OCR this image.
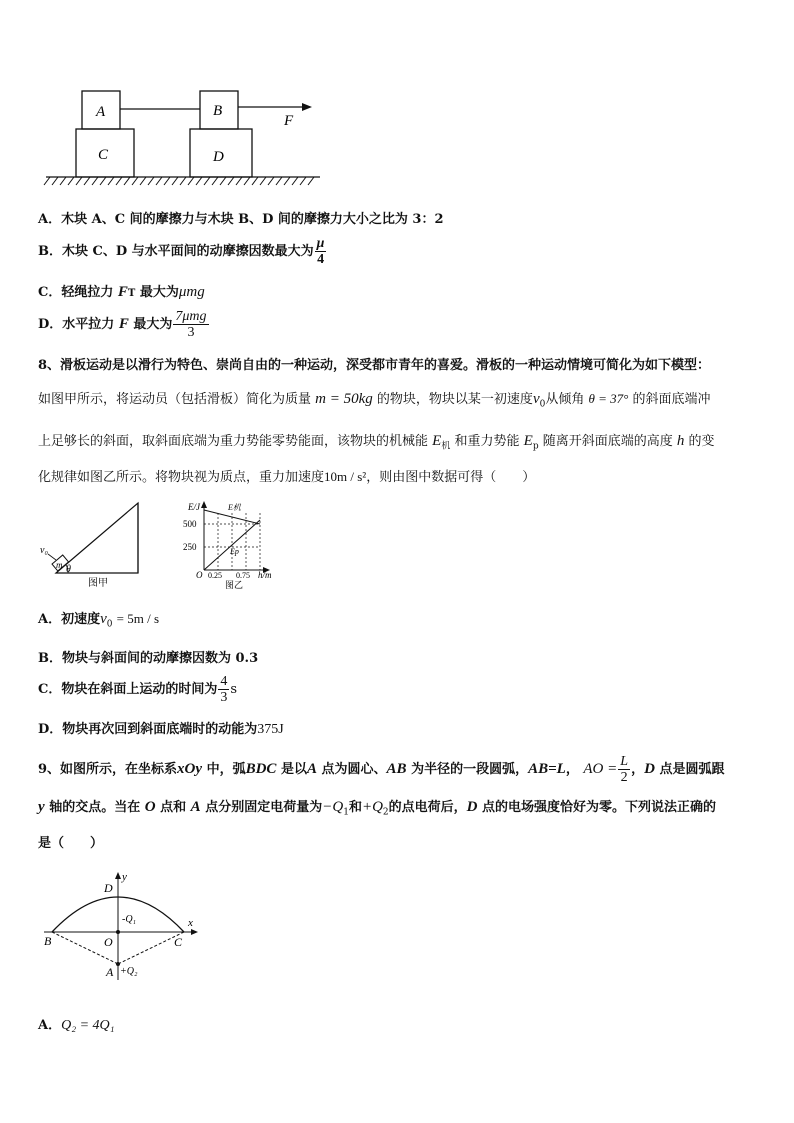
A
C
B
D
F
A．木块 A、C 间的摩擦力与木块 B、D 间的摩擦力大小之比为 3：2
B．木块 C、D 与水平面间的动摩擦因数最大为 $\frac{\mu}{4}$
C．轻绳拉力 FT 最大为μmg
D．水平拉力 F 最大为 $\frac{\text{7μmg}}{3}$
8、滑板运动是以滑行为特色、崇尚自由的一种运动，深受都市青年的喜爱。滑板的一种运动情境可简化为如下模型：
如图甲所示，将运动员（包括滑板）简化为质量 m = 50kg 的物块，物块以某一初速度$v_0$从倾角 θ = 37° 的斜面底端冲
上足够长的斜面，取斜面底端为重力势能零势能面，该物块的机械能 $E_机$ 和重力势能 $E_p$ 随离开斜面底端的高度 h 的变
化规律如图乙所示。将物块视为质点，重力加速度10m / s²，则由图中数据可得（　　）
v₀
m θ
图甲
E/J
500
250
O 0.25 0.75 h/m
E机
Ep
图乙
A．初速度$v_0 = 5m / s$
B．物块与斜面间的动摩擦因数为 0.3
C．物块在斜面上运动的时间为 $\frac{4}{3}$ s
D．物块再次回到斜面底端时的动能为375J
9、如图所示，在坐标系xOy 中，弧BDC 是以A 点为圆心、AB 为半径的一段圆弧，AB=L， AO = $\frac{L}{2}$ ，D 点是圆弧跟
y 轴的交点。当在 O 点和 A 点分别固定电荷量为$-Q_1$和$+Q_2$的点电荷后，D 点的电场强度恰好为零。下列说法正确的
是（　　）
D
y
x
-Q₁
B	O	C
A +Q₂
A．Q₂ = 4Q₁
